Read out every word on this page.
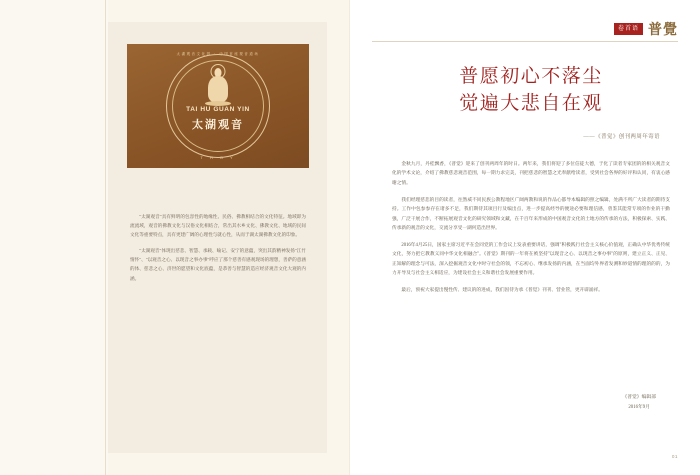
太湖观音文化园 · 中国首座观音道场
TAI HU GUAN YIN
太湖观音
T H O Y

"太湖观音"具有鲜明的包容性的地缘性、民俗、佛教相结合的文化特征。地域即为流流域，观音的佛教文化与汉俗文化相结合，常出其水乡文化、佛教文化、地域的民间文化等重要特点，具有更建广阔的心理性与就心性，从而于湖太湖佛教文化的印象。

"太湖观音"体现出慈悲、智慧、承载、喻记、安宁的意蕴，突出其韵精神发扬"江竹情怀"、"以观音之心、以现音之事办事"呼应了那个慈善有感观现场的理想，善萨的意涵的体、慈悲之心、济世的愿望和文化底蕴，是恭善与智慧的造应经济观音文化大观的内涵。

卷首语 普覺
普愿初心不落尘
觉遍大悲自在观
——《普觉》创刊两周年寄语

金秋九月，丹桂飘香，《普觉》迎来了创刊两周年的时日。两年来，我们将迎了多位信徒大德，于化了读者专家团的的相关观音文化的学术文论，介绍了佛教慈悲观音范围，每一期力求完美，刊把慈悲的智慧之光奉献给读者，受到社会各界的好评和认同，有衷心感谢之情。

我们经理慈悲的目的读者，往然威不同民族公教程地区广阔两教和说的作品心都导本编辑的照之编辑，处满不所广大读者的期待支持。工作中包参参存在诸多不足，我们期待其项目行及编出点，进一步提高经导的便途必要和理信感，曾鉴其能常专项的作业的干勤强，广泛干展合作，不断拓展观音文化的研究领域和文藏，在千百年来形成的中国观音文化的土地方的传承的方法，积极探索、实践、传承新的观音的文化，交流分享受一湖何造出世界。

2016年4月25日，国家主席习近平在会同党的工作会议上发表重要讲话，强调"积极践行社会主义核心价值观，正确认中华优秀传统文化，努力把它教教义同中华文化相融合"。《普觉》期刊的一年将在被坚持"以现音之心、以现音之事办事"的原则，建立正义、正见、正知解的理念与可法，深入挖掘观音文化中时守社会的领，不忘初心、继承发扬的内涵，在当面均外界者发测和妙道情的理的的的，为力开导及与社会主义相适应，为建设社会主义和谐社会发展重要作用。

最后，预祝大家提出慢性传、建议的的进成，我们因待为承《普觉》刊刊、营业管，更开辟涌祥。

《普觉》编辑部
2016年9月
01
